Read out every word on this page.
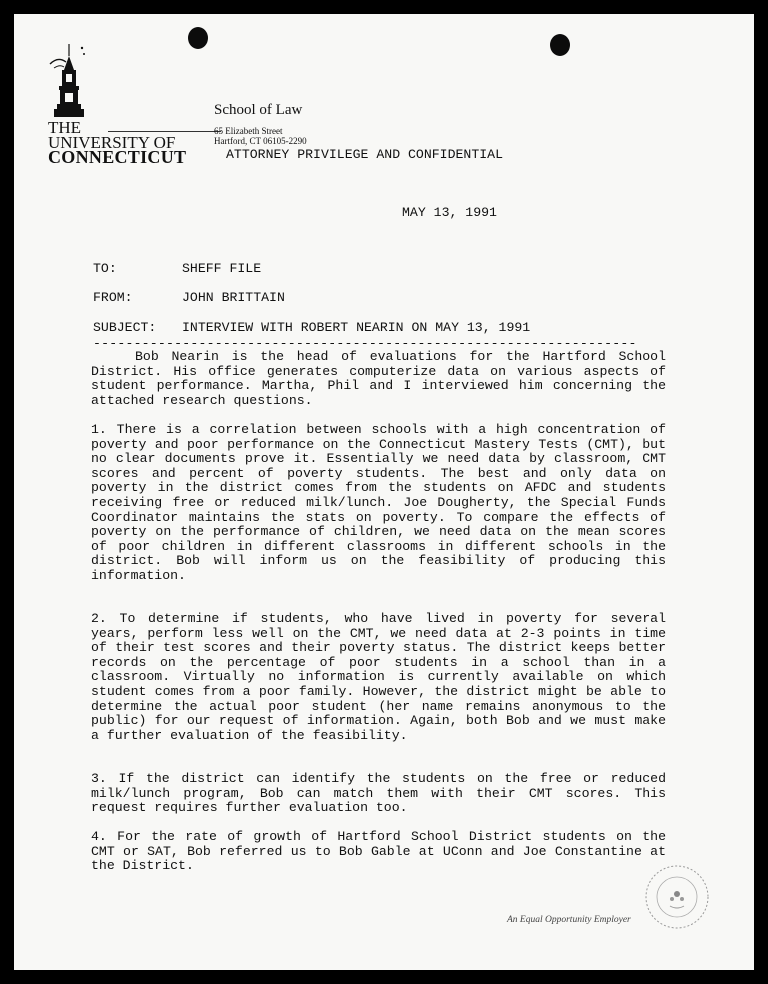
THE
UNIVERSITY OF
CONNECTICUT
School of Law
65 Elizabeth Street
Hartford, CT 06105-2290
ATTORNEY PRIVILEGE AND CONFIDENTIAL
MAY 13, 1991

TO:

	SHEFF FILE

FROM:

	JOHN BRITTAIN

SUBJECT:

INTERVIEW WITH ROBERT NEARIN ON MAY 13, 1991

-------------------------------------------------------------------

Bob Nearin is the head of evaluations for the Hartford School District. His office generates computerize data on various aspects of student performance. Martha, Phil and I interviewed him concerning the attached research questions.

1. There is a correlation between schools with a high concentration of poverty and poor performance on the Connecticut Mastery Tests (CMT), but no clear documents prove it. Essentially we need data by classroom, CMT scores and percent of poverty students. The best and only data on poverty in the district comes from the students on AFDC and students receiving free or reduced milk/lunch. Joe Dougherty, the Special Funds Coordinator maintains the stats on poverty. To compare the effects of poverty on the performance of children, we need data on the mean scores of poor children in different classrooms in different schools in the district. Bob will inform us on the feasibility of producing this information.

2. To determine if students, who have lived in poverty for several years, perform less well on the CMT, we need data at 2-3 points in time of their test scores and their poverty status. The district keeps better records on the percentage of poor students in a school than in a classroom. Virtually no information is currently available on which student comes from a poor family. However, the district might be able to determine the actual poor student (her name remains anonymous to the public) for our request of information. Again, both Bob and we must make a further evaluation of the feasibility.

3. If the district can identify the students on the free or reduced milk/lunch program, Bob can match them with their CMT scores. This request requires further evaluation too.

4. For the rate of growth of Hartford School District students on the CMT or SAT, Bob referred us to Bob Gable at UConn and Joe Constantine at the District.

An Equal Opportunity Employer
